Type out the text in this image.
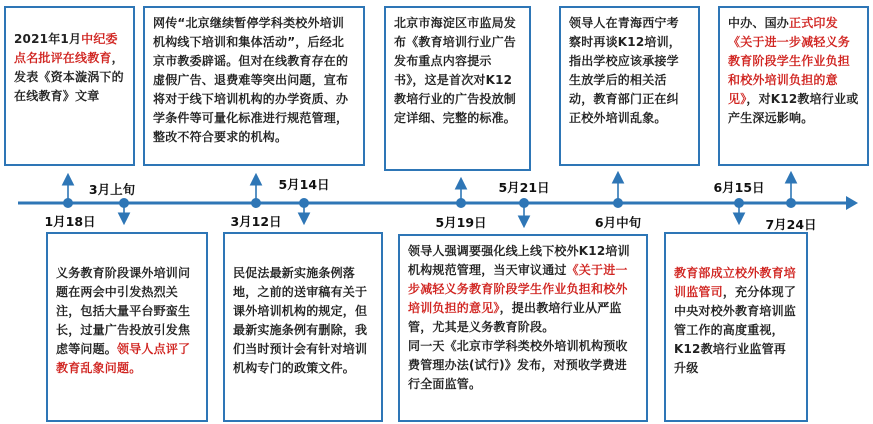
3月上旬	5月14日	5月21日	6月15日
1月18日	3月12日	5月19日	6月中旬	7月24日
2021年1月中纪委点名批评在线教育，发表《资本漩涡下的在线教育》文章
网传“北京继续暂停学科类校外培训机构线下培训和集体活动”，后经北京市教委辟谣。但对在线教育存在的虚假广告、退费难等突出问题，宣布将对于线下培训机构的办学资质、办学条件等可量化标准进行规范管理，整改不符合要求的机构。
北京市海淀区市监局发布《教育培训行业广告发布重点内容提示书》，这是首次对K12教培行业的广告投放制定详细、完整的标准。
领导人在青海西宁考察时再谈K12培训，指出学校应该承接学生放学后的相关活动，教育部门正在纠正校外培训乱象。
中办、国办正式印发《关于进一步减轻义务教育阶段学生作业负担和校外培训负担的意见》，对K12教培行业或产生深远影响。
义务教育阶段课外培训问题在两会中引发热烈关注，包括大量平台野蛮生长，过量广告投放引发焦虑等问题。领导人点评了教育乱象问题。
民促法最新实施条例落地，之前的送审稿有关于课外培训机构的规定，但最新实施条例有删除，我们当时预计会有针对培训机构专门的政策文件。
领导人强调要强化线上线下校外K12培训机构规范管理，当天审议通过《关于进一步减轻义务教育阶段学生作业负担和校外培训负担的意见》，提出教培行业从严监管，尤其是义务教育阶段。
同一天《北京市学科类校外培训机构预收费管理办法(试行)》发布，对预收学费进行全面监管。
教育部成立校外教育培训监管司，充分体现了中央对校外教育培训监管工作的高度重视，K12教培行业监管再升级
